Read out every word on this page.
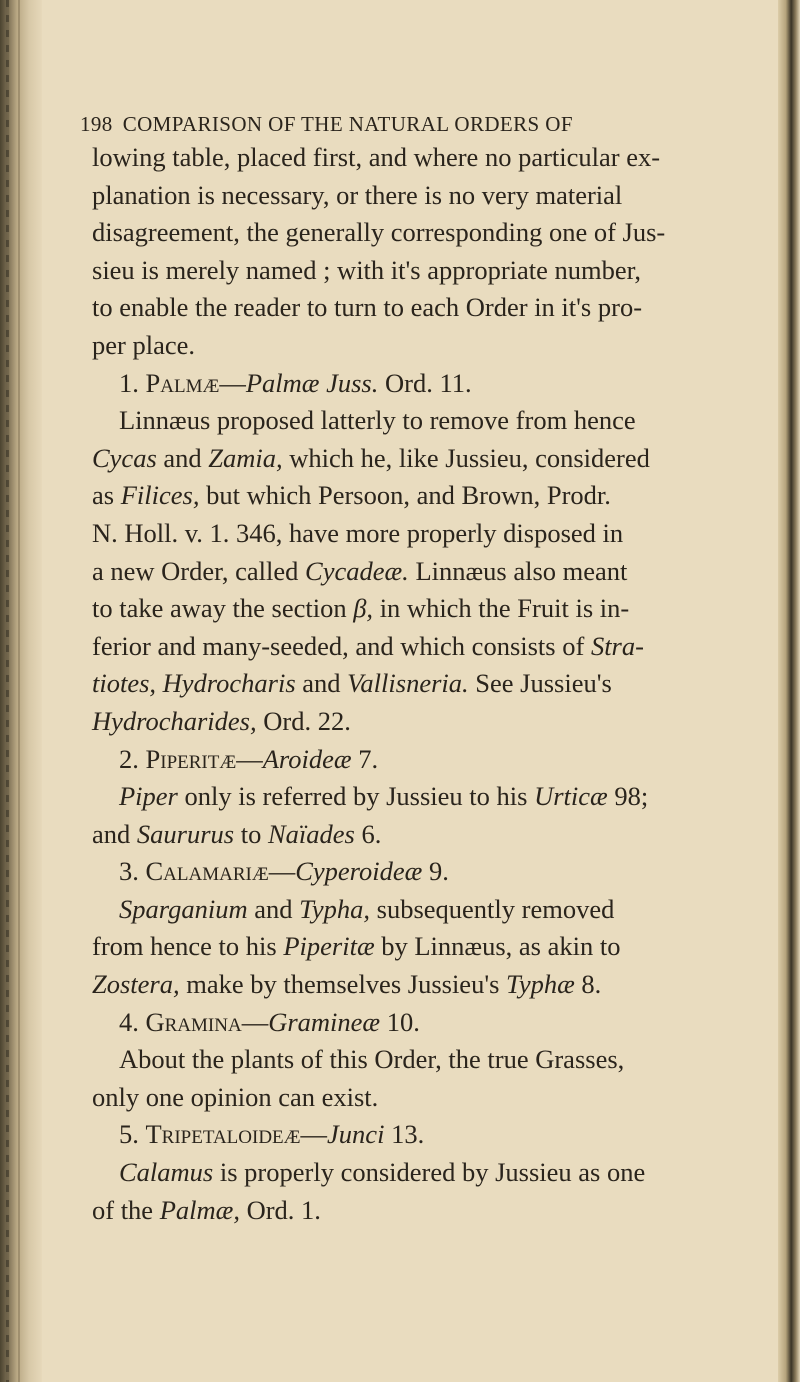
198 COMPARISON OF THE NATURAL ORDERS OF
lowing table, placed first, and where no particular ex-
planation is necessary, or there is no very material
disagreement, the generally corresponding one of Jus-
sieu is merely named ; with it's appropriate number,
to enable the reader to turn to each Order in it's pro-
per place.
1. Palmæ—Palmæ Juss. Ord. 11.
Linnæus proposed latterly to remove from hence
Cycas and Zamia, which he, like Jussieu, considered
as Filices, but which Persoon, and Brown, Prodr.
N. Holl. v. 1. 346, have more properly disposed in
a new Order, called Cycadeæ. Linnæus also meant
to take away the section β, in which the Fruit is in-
ferior and many-seeded, and which consists of Stra-
tiotes, Hydrocharis and Vallisneria. See Jussieu's
Hydrocharides, Ord. 22.
2. Piperitæ—Aroideæ 7.
Piper only is referred by Jussieu to his Urticæ 98;
and Saururus to Naïades 6.
3. Calamariæ—Cyperoideæ 9.
Sparganium and Typha, subsequently removed
from hence to his Piperitæ by Linnæus, as akin to
Zostera, make by themselves Jussieu's Typhæ 8.
4. Gramina—Gramineæ 10.
About the plants of this Order, the true Grasses,
only one opinion can exist.
5. Tripetaloideæ—Junci 13.
Calamus is properly considered by Jussieu as one
of the Palmæ, Ord. 1.
